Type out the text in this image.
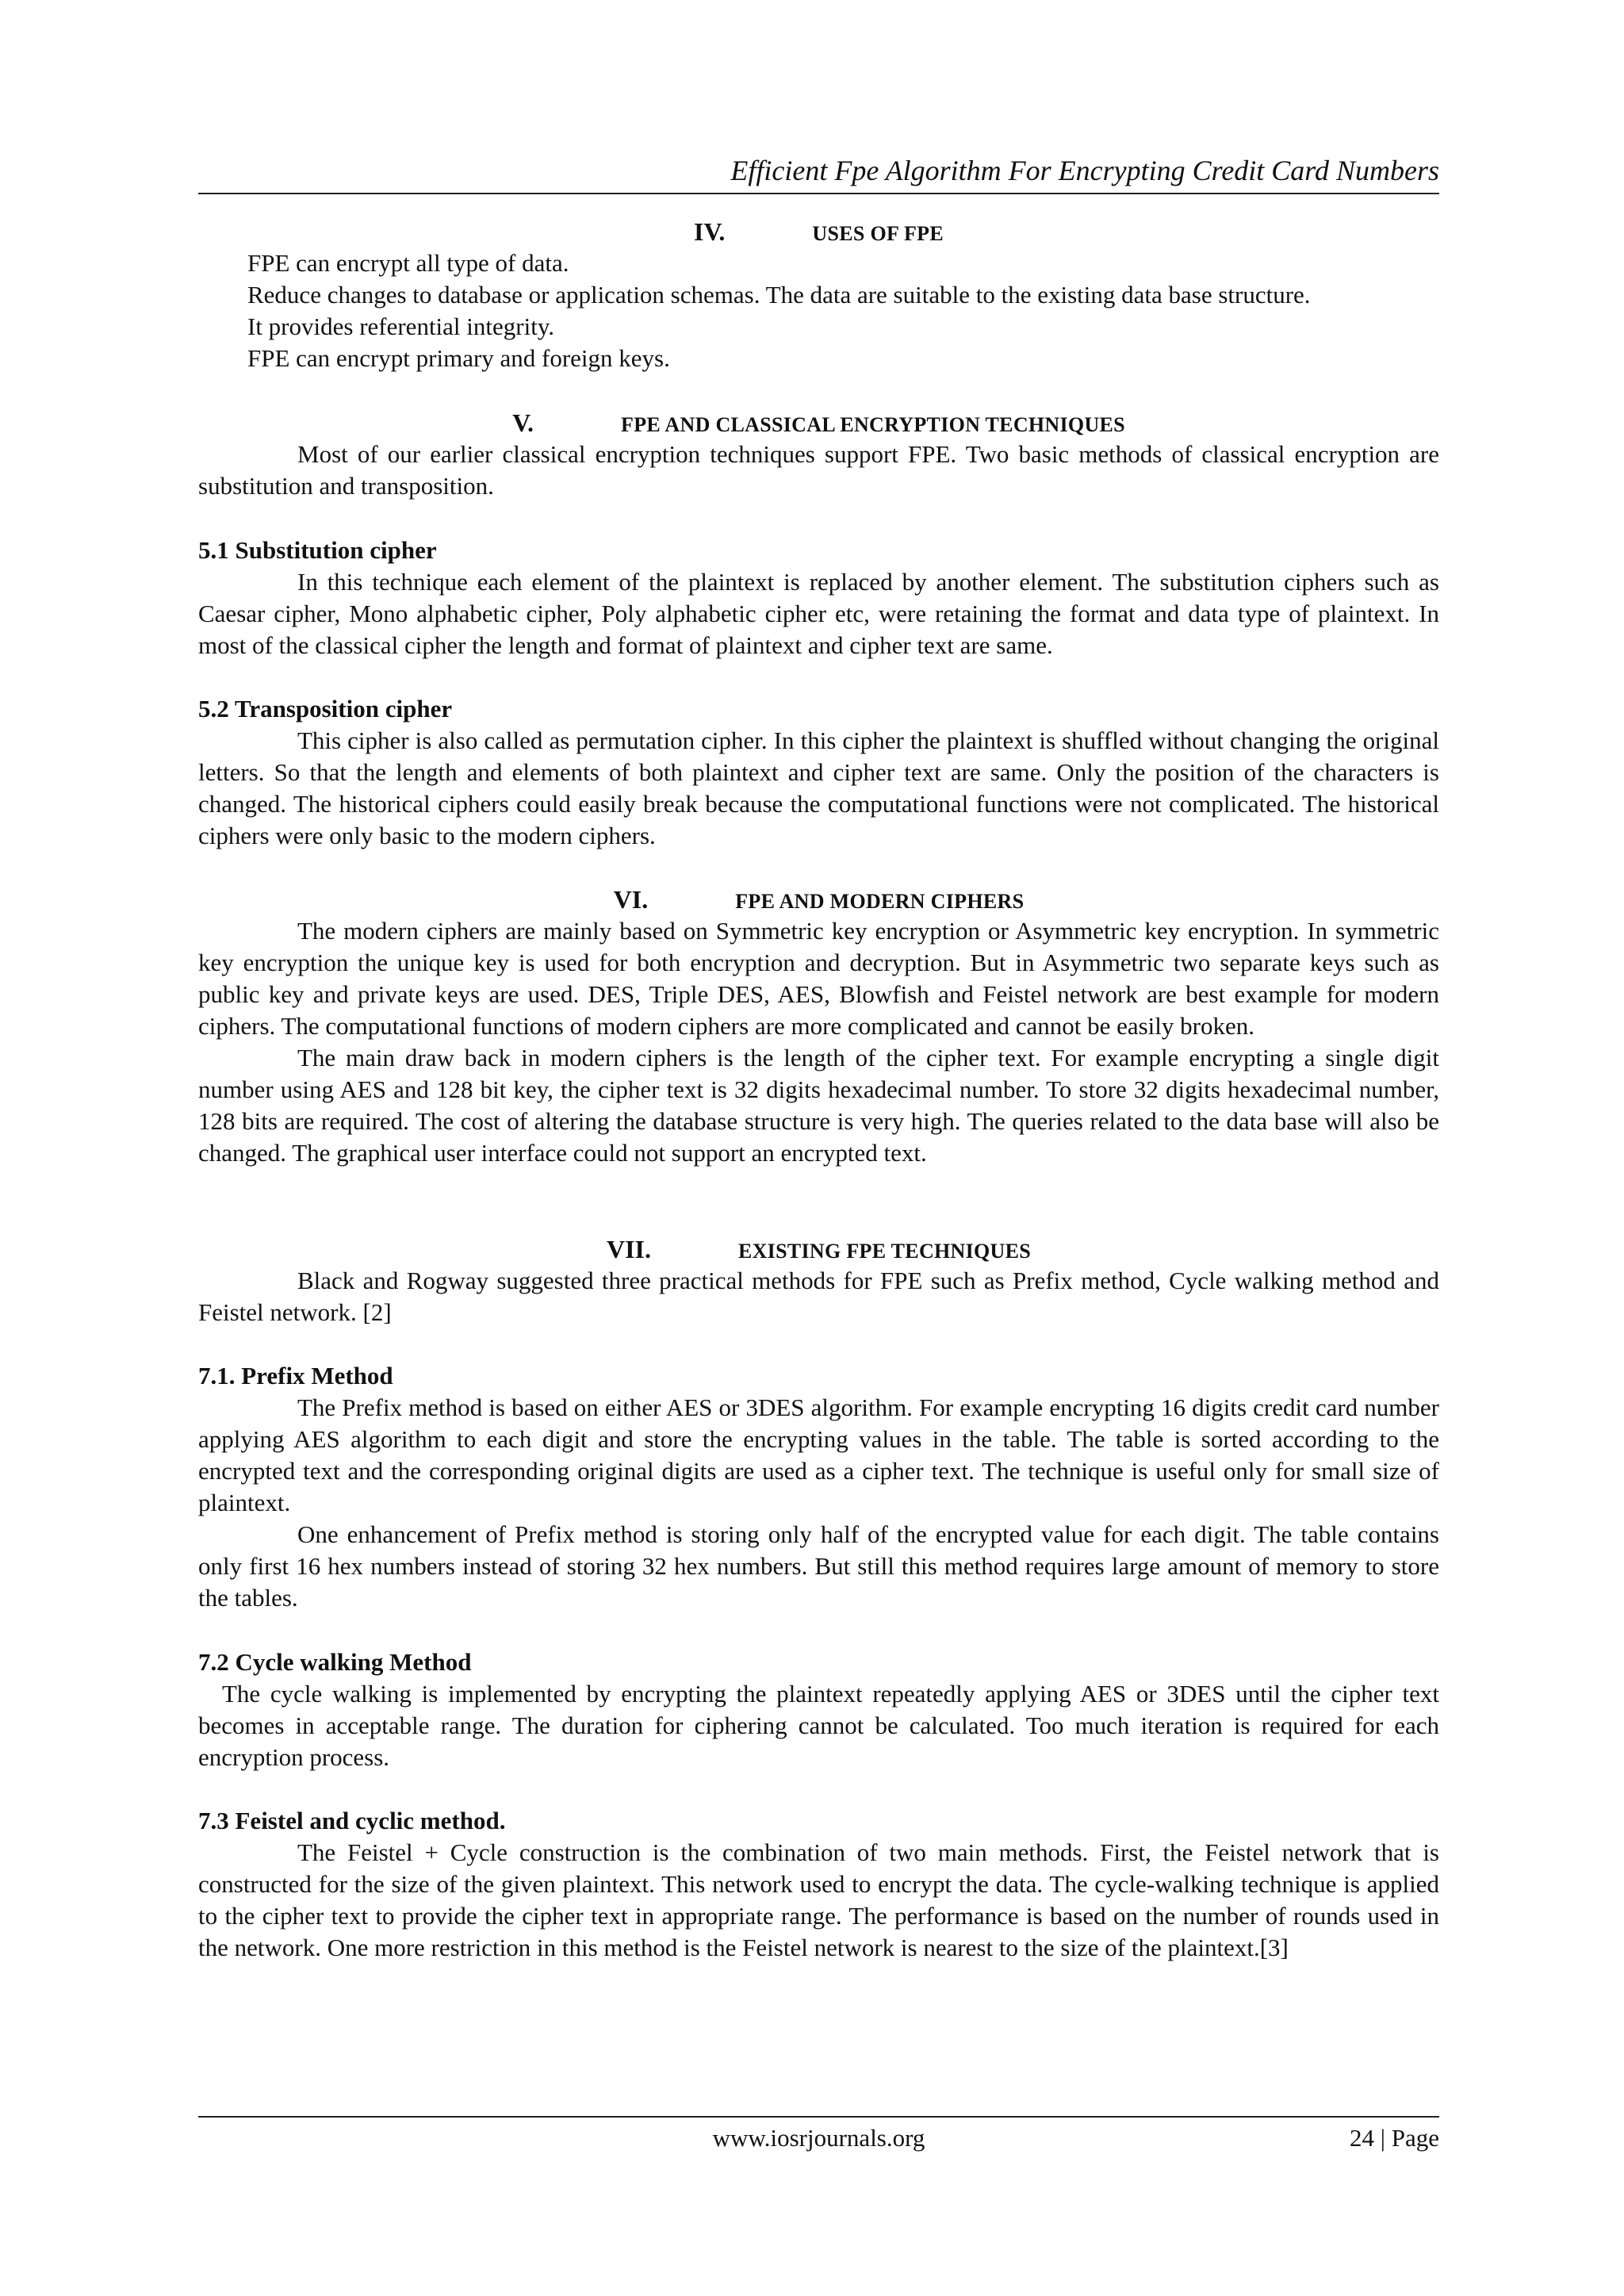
Efficient Fpe Algorithm For Encrypting Credit Card Numbers
IV.	USES OF FPE
FPE can encrypt all type of data.
Reduce changes to database or application schemas. The data are suitable to the existing data base structure.
It provides referential integrity.
FPE can encrypt primary and foreign keys.
V.	FPE AND CLASSICAL ENCRYPTION TECHNIQUES

Most of our earlier classical encryption techniques support FPE. Two basic methods of classical encryption are substitution and transposition.

5.1 Substitution cipher

In this technique each element of the plaintext is replaced by another element. The substitution ciphers such as Caesar cipher, Mono alphabetic cipher, Poly alphabetic cipher etc, were retaining the format and data type of plaintext. In most of the classical cipher the length and format of plaintext and cipher text are same.

5.2 Transposition cipher

This cipher is also called as permutation cipher. In this cipher the plaintext is shuffled without changing the original letters. So that the length and elements of both plaintext and cipher text are same. Only the position of the characters is changed. The historical ciphers could easily break because the computational functions were not complicated. The historical ciphers were only basic to the modern ciphers.

VI.	FPE AND MODERN CIPHERS

The modern ciphers are mainly based on Symmetric key encryption or Asymmetric key encryption. In symmetric key encryption the unique key is used for both encryption and decryption. But in Asymmetric two separate keys such as public key and private keys are used. DES, Triple DES, AES, Blowfish and Feistel network are best example for modern ciphers. The computational functions of modern ciphers are more complicated and cannot be easily broken.

The main draw back in modern ciphers is the length of the cipher text. For example encrypting a single digit number using AES and 128 bit key, the cipher text is 32 digits hexadecimal number. To store 32 digits hexadecimal number, 128 bits are required. The cost of altering the database structure is very high. The queries related to the data base will also be changed. The graphical user interface could not support an encrypted text.

VII.	EXISTING FPE TECHNIQUES

Black and Rogway suggested three practical methods for FPE such as Prefix method, Cycle walking method and Feistel network. [2]

7.1. Prefix Method

The Prefix method is based on either AES or 3DES algorithm. For example encrypting 16 digits credit card number applying AES algorithm to each digit and store the encrypting values in the table. The table is sorted according to the encrypted text and the corresponding original digits are used as a cipher text. The technique is useful only for small size of plaintext.

One enhancement of Prefix method is storing only half of the encrypted value for each digit. The table contains only first 16 hex numbers instead of storing 32 hex numbers. But still this method requires large amount of memory to store the tables.

7.2 Cycle walking Method

The cycle walking is implemented by encrypting the plaintext repeatedly applying AES or 3DES until the cipher text becomes in acceptable range. The duration for ciphering cannot be calculated. Too much iteration is required for each encryption process.

7.3 Feistel and cyclic method.

The Feistel + Cycle construction is the combination of two main methods. First, the Feistel network that is constructed for the size of the given plaintext. This network used to encrypt the data. The cycle-walking technique is applied to the cipher text to provide the cipher text in appropriate range. The performance is based on the number of rounds used in the network. One more restriction in this method is the Feistel network is nearest to the size of the plaintext.[3]

www.iosrjournals.org	24 | Page
